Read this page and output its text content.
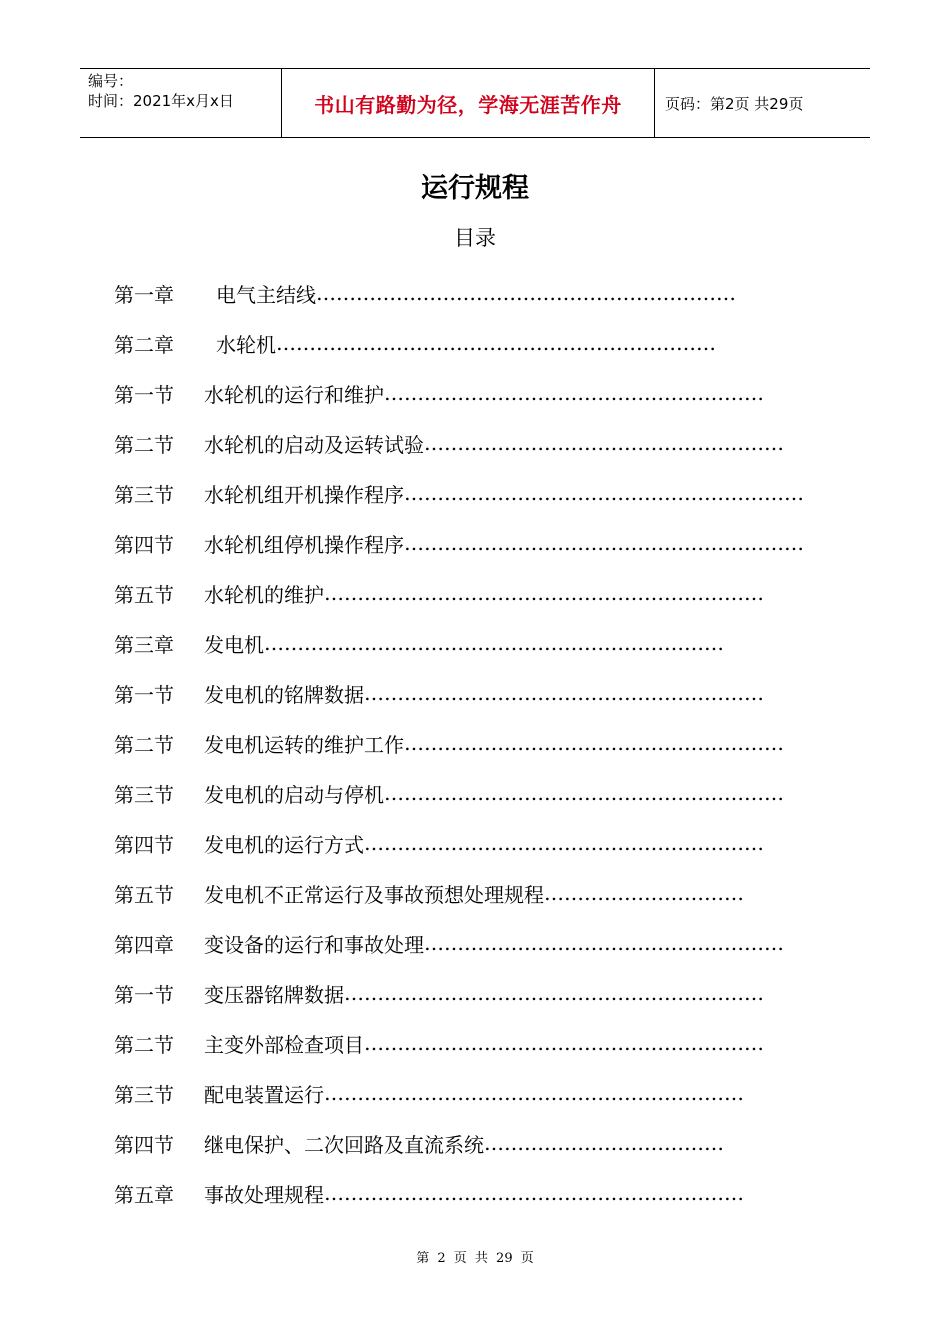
编号：
时间：2021年x月x日	书山有路勤为径，学海无涯苦作舟	页码：第2页 共29页
运行规程
目录
第一章	电气主结线 ………………………………………………………
第二章	水轮机 …………………………………………………………
第一节	水轮机的运行和维护 …………………………………………………
第二节	水轮机的启动及运转试验 ………………………………………………
第三节	水轮机组开机操作程序 ……………………………………………………
第四节	水轮机组停机操作程序 ……………………………………………………
第五节	水轮机的维护 …………………………………………………………
第三章	发电机 ……………………………………………………………
第一节	发电机的铭牌数据 ……………………………………………………
第二节	发电机运转的维护工作 …………………………………………………
第三节	发电机的启动与停机 ……………………………………………………
第四节	发电机的运行方式 ……………………………………………………
第五节	发电机不正常运行及事故预想处理规程 …………………………
第四章	变设备的运行和事故处理 ………………………………………………
第一节	变压器铭牌数据 ………………………………………………………
第二节	主变外部检查项目 ……………………………………………………
第三节	配电装置运行 ………………………………………………………
第四节	继电保护、二次回路及直流系统 ………………………………
第五章	事故处理规程 ………………………………………………………
第 2 页 共 29 页
